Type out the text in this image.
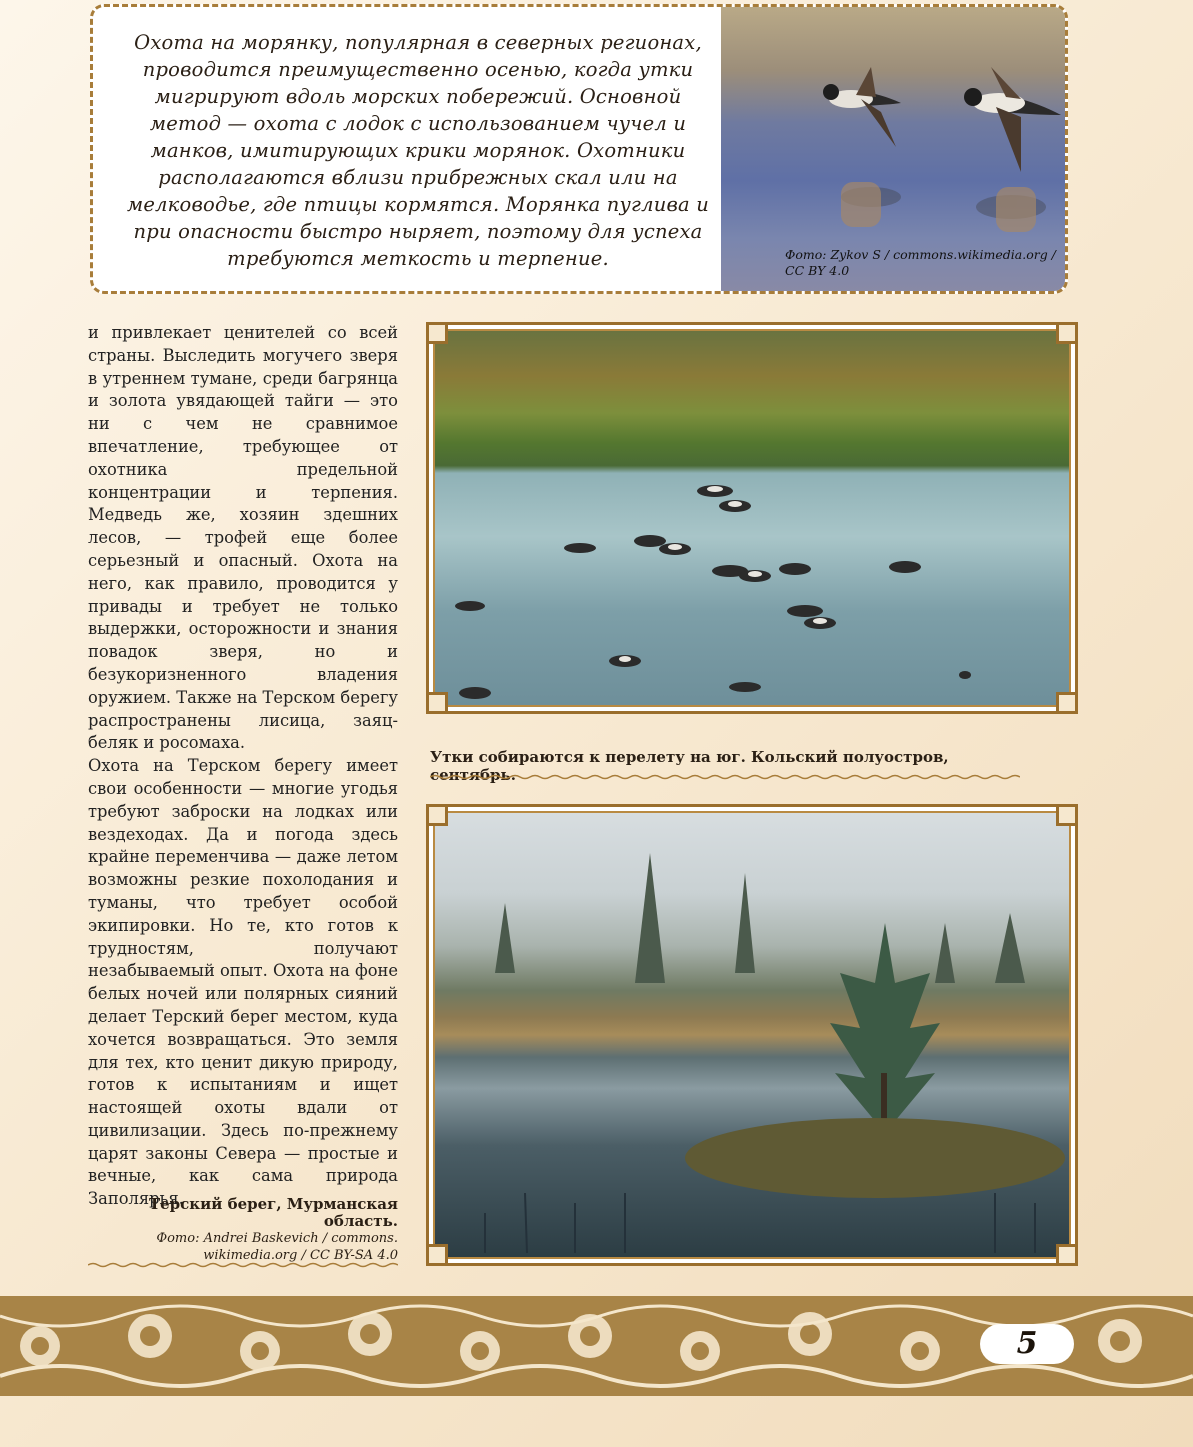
Охота на морянку, популярная в северных регионах, проводится преимущественно осенью, когда утки мигрируют вдоль морских побережий. Основной метод — охота с лодок с использованием чучел и манков, имитирующих крики морянок. Охотники располагаются вблизи прибрежных скал или на мелководье, где птицы кормятся. Морянка пуглива и при опасности быстро ныряет, поэтому для успеха требуются меткость и терпение.	Фото: Zykov S / commons.wikimedia.org / CC BY 4.0

и привлекает ценителей со всей страны. Выследить могучего зверя в утреннем тумане, среди багрянца и золота увядающей тайги — это ни с чем не сравнимое впечатление, требующее от охотника предельной концентрации и терпения. Медведь же, хозяин здешних лесов, — трофей еще более серьезный и опасный. Охота на него, как правило, проводится у привады и требует не только выдержки, осторожности и знания повадок зверя, но и безукоризненного владения оружием. Также на Терском берегу распространены лисица, заяц-беляк и росомаха.

Охота на Терском берегу имеет свои особенности — многие угодья требуют заброски на лодках или вездеходах. Да и погода здесь крайне переменчива — даже летом возможны резкие похолодания и туманы, что требует особой экипировки. Но те, кто готов к трудностям, получают незабываемый опыт. Охота на фоне белых ночей или полярных сияний делает Терский берег местом, куда хочется возвращаться. Это земля для тех, кто ценит дикую природу, готов к испытаниям и ищет настоящей охоты вдали от цивилизации. Здесь по-прежнему царят законы Севера — простые и вечные, как сама природа Заполярья.

Терский берег, Мурманская область.
Фото: Andrei Baskevich / commons. wikimedia.org / CC BY-SA 4.0
Утки собираются к перелету на юг. Кольский полуостров, сентябрь.
5
